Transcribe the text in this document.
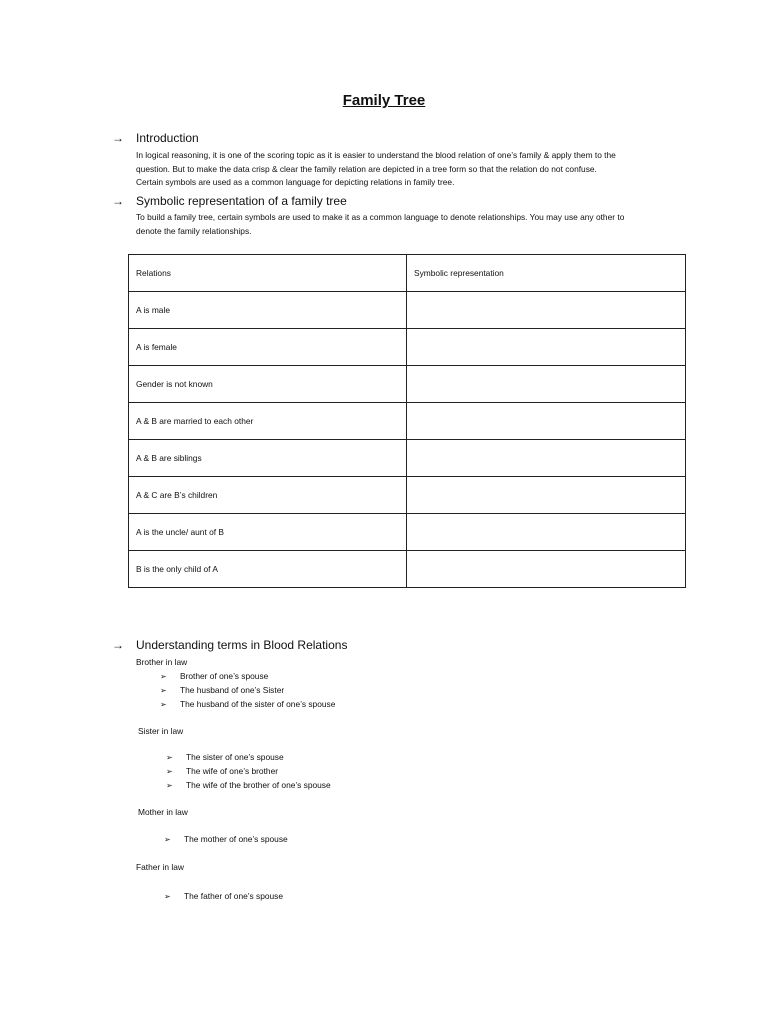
Family Tree
→ Introduction
In logical reasoning, it is one of the scoring topic as it is easier to understand the blood relation of one’s family & apply them to the
question. But to make the data crisp & clear the family relation are depicted in a tree form so that the relation do not confuse.
Certain symbols are used as a common language for depicting relations in family tree.
→ Symbolic representation of a family tree
To build a family tree, certain symbols are used to make it as a common language to denote relationships. You may use any other to
denote the family relationships.
Relations	Symbolic representation
A is male	
A is female	
Gender is not known	
A & B are married to each other	
A & B are siblings	
A & C are B’s children	
A is the uncle/ aunt of B	
B is the only child of A	
→ Understanding terms in Blood Relations
Brother in law
➢ Brother of one’s spouse
➢ The husband of one’s Sister
➢ The husband of the sister of one’s spouse
Sister in law
➢ The sister of one’s spouse
➢ The wife of one’s brother
➢ The wife of the brother of one’s spouse
Mother in law
➢ The mother of one’s spouse
Father in law
➢ The father of one’s spouse
